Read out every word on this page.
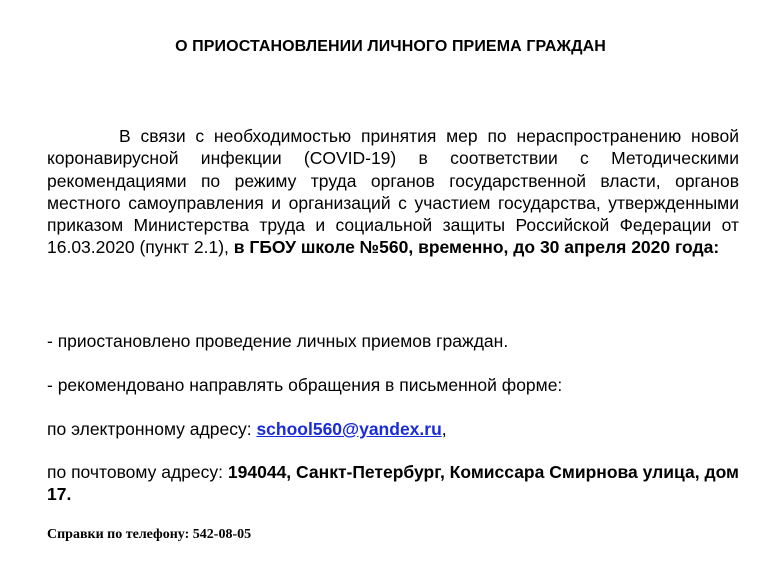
О ПРИОСТАНОВЛЕНИИ ЛИЧНОГО ПРИЕМА ГРАЖДАН
В связи с необходимостью принятия мер по нераспространению новой коронавирусной инфекции (COVID-19) в соответствии с Методическими рекомендациями по режиму труда органов государственной власти, органов местного самоуправления и организаций с участием государства, утвержденными приказом Министерства труда и социальной защиты Российской Федерации от 16.03.2020 (пункт 2.1), в ГБОУ школе №560, временно, до 30 апреля 2020 года:
- приостановлено проведение личных приемов граждан.
- рекомендовано направлять обращения в письменной форме:
по электронному адресу: school560@yandex.ru,
по почтовому адресу: 194044, Санкт-Петербург, Комиссара Смирнова улица, дом 17.
Справки по телефону: 542-08-05
